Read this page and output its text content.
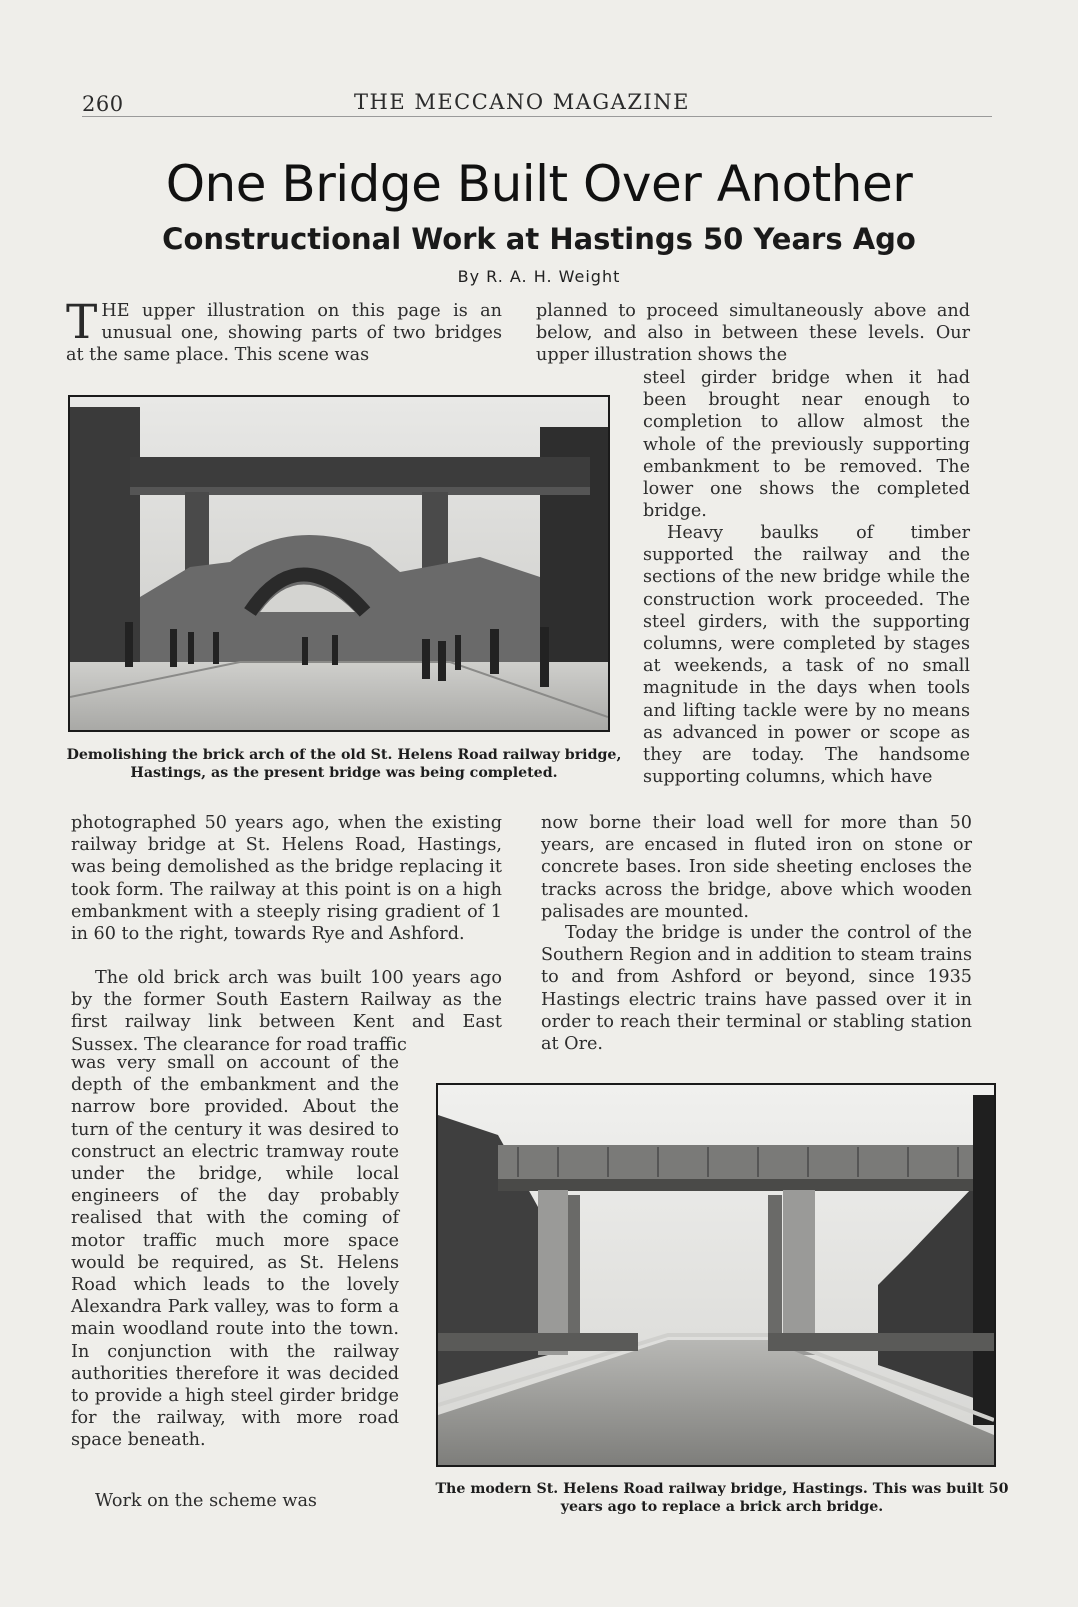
260	THE MECCANO MAGAZINE
One Bridge Built Over Another
Constructional Work at Hastings 50 Years Ago
By R. A. H. Weight

THE upper illustration on this page is an unusual one, showing parts of two bridges at the same place. This scene was

planned to proceed simultaneously above and below, and also in between these levels. Our upper illustration shows the

Demolishing the brick arch of the old St. Helens Road railway bridge, Hastings, as the present bridge was being completed.

steel girder bridge when it had been brought near enough to completion to allow almost the whole of the previously supporting embankment to be removed. The lower one shows the completed bridge.

Heavy baulks of timber supported the railway and the sections of the new bridge while the construction work proceeded. The steel girders, with the supporting columns, were completed by stages at weekends, a task of no small magnitude in the days when tools and lifting tackle were by no means as advanced in power or scope as they are today. The handsome supporting columns, which have

photographed 50 years ago, when the existing railway bridge at St. Helens Road, Hastings, was being demolished as the bridge replacing it took form. The railway at this point is on a high embankment with a steeply rising gradient of 1 in 60 to the right, towards Rye and Ashford.

The old brick arch was built 100 years ago by the former South Eastern Railway as the first railway link between Kent and East Sussex. The clearance for road traffic

now borne their load well for more than 50 years, are encased in fluted iron on stone or concrete bases. Iron side sheeting encloses the tracks across the bridge, above which wooden palisades are mounted.

Today the bridge is under the control of the Southern Region and in addition to steam trains to and from Ashford or beyond, since 1935 Hastings electric trains have passed over it in order to reach their terminal or stabling station at Ore.

was very small on account of the depth of the embankment and the narrow bore provided. About the turn of the century it was desired to construct an electric tramway route under the bridge, while local engineers of the day probably realised that with the coming of motor traffic much more space would be required, as St. Helens Road which leads to the lovely Alexandra Park valley, was to form a main woodland route into the town. In conjunction with the railway authorities therefore it was decided to provide a high steel girder bridge for the railway, with more road space beneath.

Work on the scheme was

The modern St. Helens Road railway bridge, Hastings. This was built 50 years ago to replace a brick arch bridge.
